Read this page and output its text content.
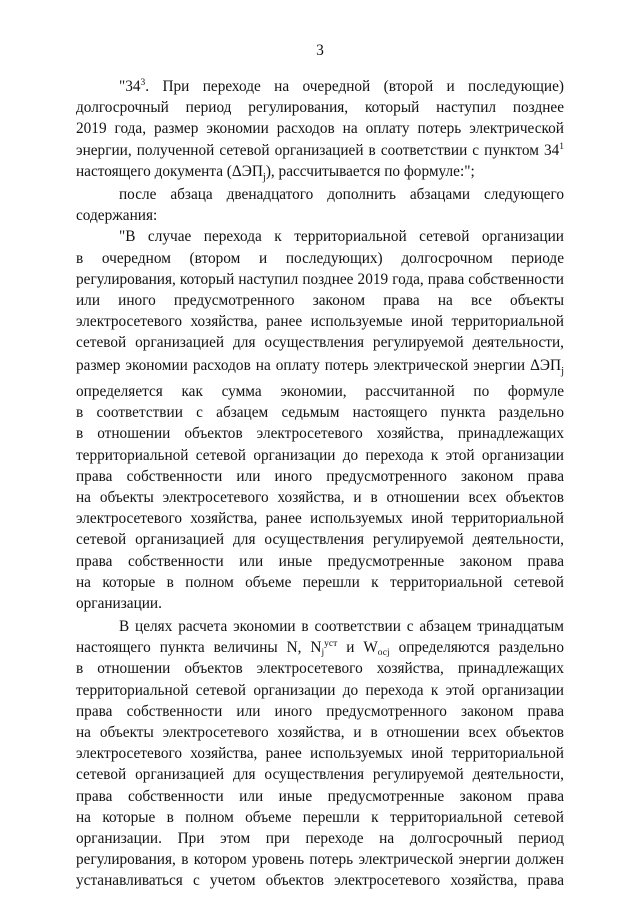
3
"34$^3$. При переходе на очередной (второй и последующие)
долгосрочный период регулирования, который наступил позднее
2019 года, размер экономии расходов на оплату потерь электрической
энергии, полученной сетевой организацией в соответствии с пунктом 34$^1$
настоящего документа $(\Delta ЭП_j)$, рассчитывается по формуле:";
после абзаца двенадцатого дополнить абзацами следующего
содержания:
"В случае перехода к территориальной сетевой организации
в очередном (втором и последующих) долгосрочном периоде
регулирования, который наступил позднее 2019 года, права собственности
или иного предусмотренного законом права на все объекты
электросетевого хозяйства, ранее используемые иной территориальной
сетевой организацией для осуществления регулируемой деятельности,
размер экономии расходов на оплату потерь электрической энергии $\Delta ЭП_j$
определяется как сумма экономии, рассчитанной по формуле
в соответствии с абзацем седьмым настоящего пункта раздельно
в отношении объектов электросетевого хозяйства, принадлежащих
территориальной сетевой организации до перехода к этой организации
права собственности или иного предусмотренного законом права
на объекты электросетевого хозяйства, и в отношении всех объектов
электросетевого хозяйства, ранее используемых иной территориальной
сетевой организацией для осуществления регулируемой деятельности,
права собственности или иные предусмотренные законом права
на которые в полном объеме перешли к территориальной сетевой
организации.
В целях расчета экономии в соответствии с абзацем тринадцатым
настоящего пункта величины N, $Nj^{уст}$ и Wосj определяются раздельно
в отношении объектов электросетевого хозяйства, принадлежащих
территориальной сетевой организации до перехода к этой организации
права собственности или иного предусмотренного законом права
на объекты электросетевого хозяйства, и в отношении всех объектов
электросетевого хозяйства, ранее используемых иной территориальной
сетевой организацией для осуществления регулируемой деятельности,
права собственности или иные предусмотренные законом права
на которые в полном объеме перешли к территориальной сетевой
организации. При этом при переходе на долгосрочный период
регулирования, в котором уровень потерь электрической энергии должен
устанавливаться с учетом объектов электросетевого хозяйства, права
